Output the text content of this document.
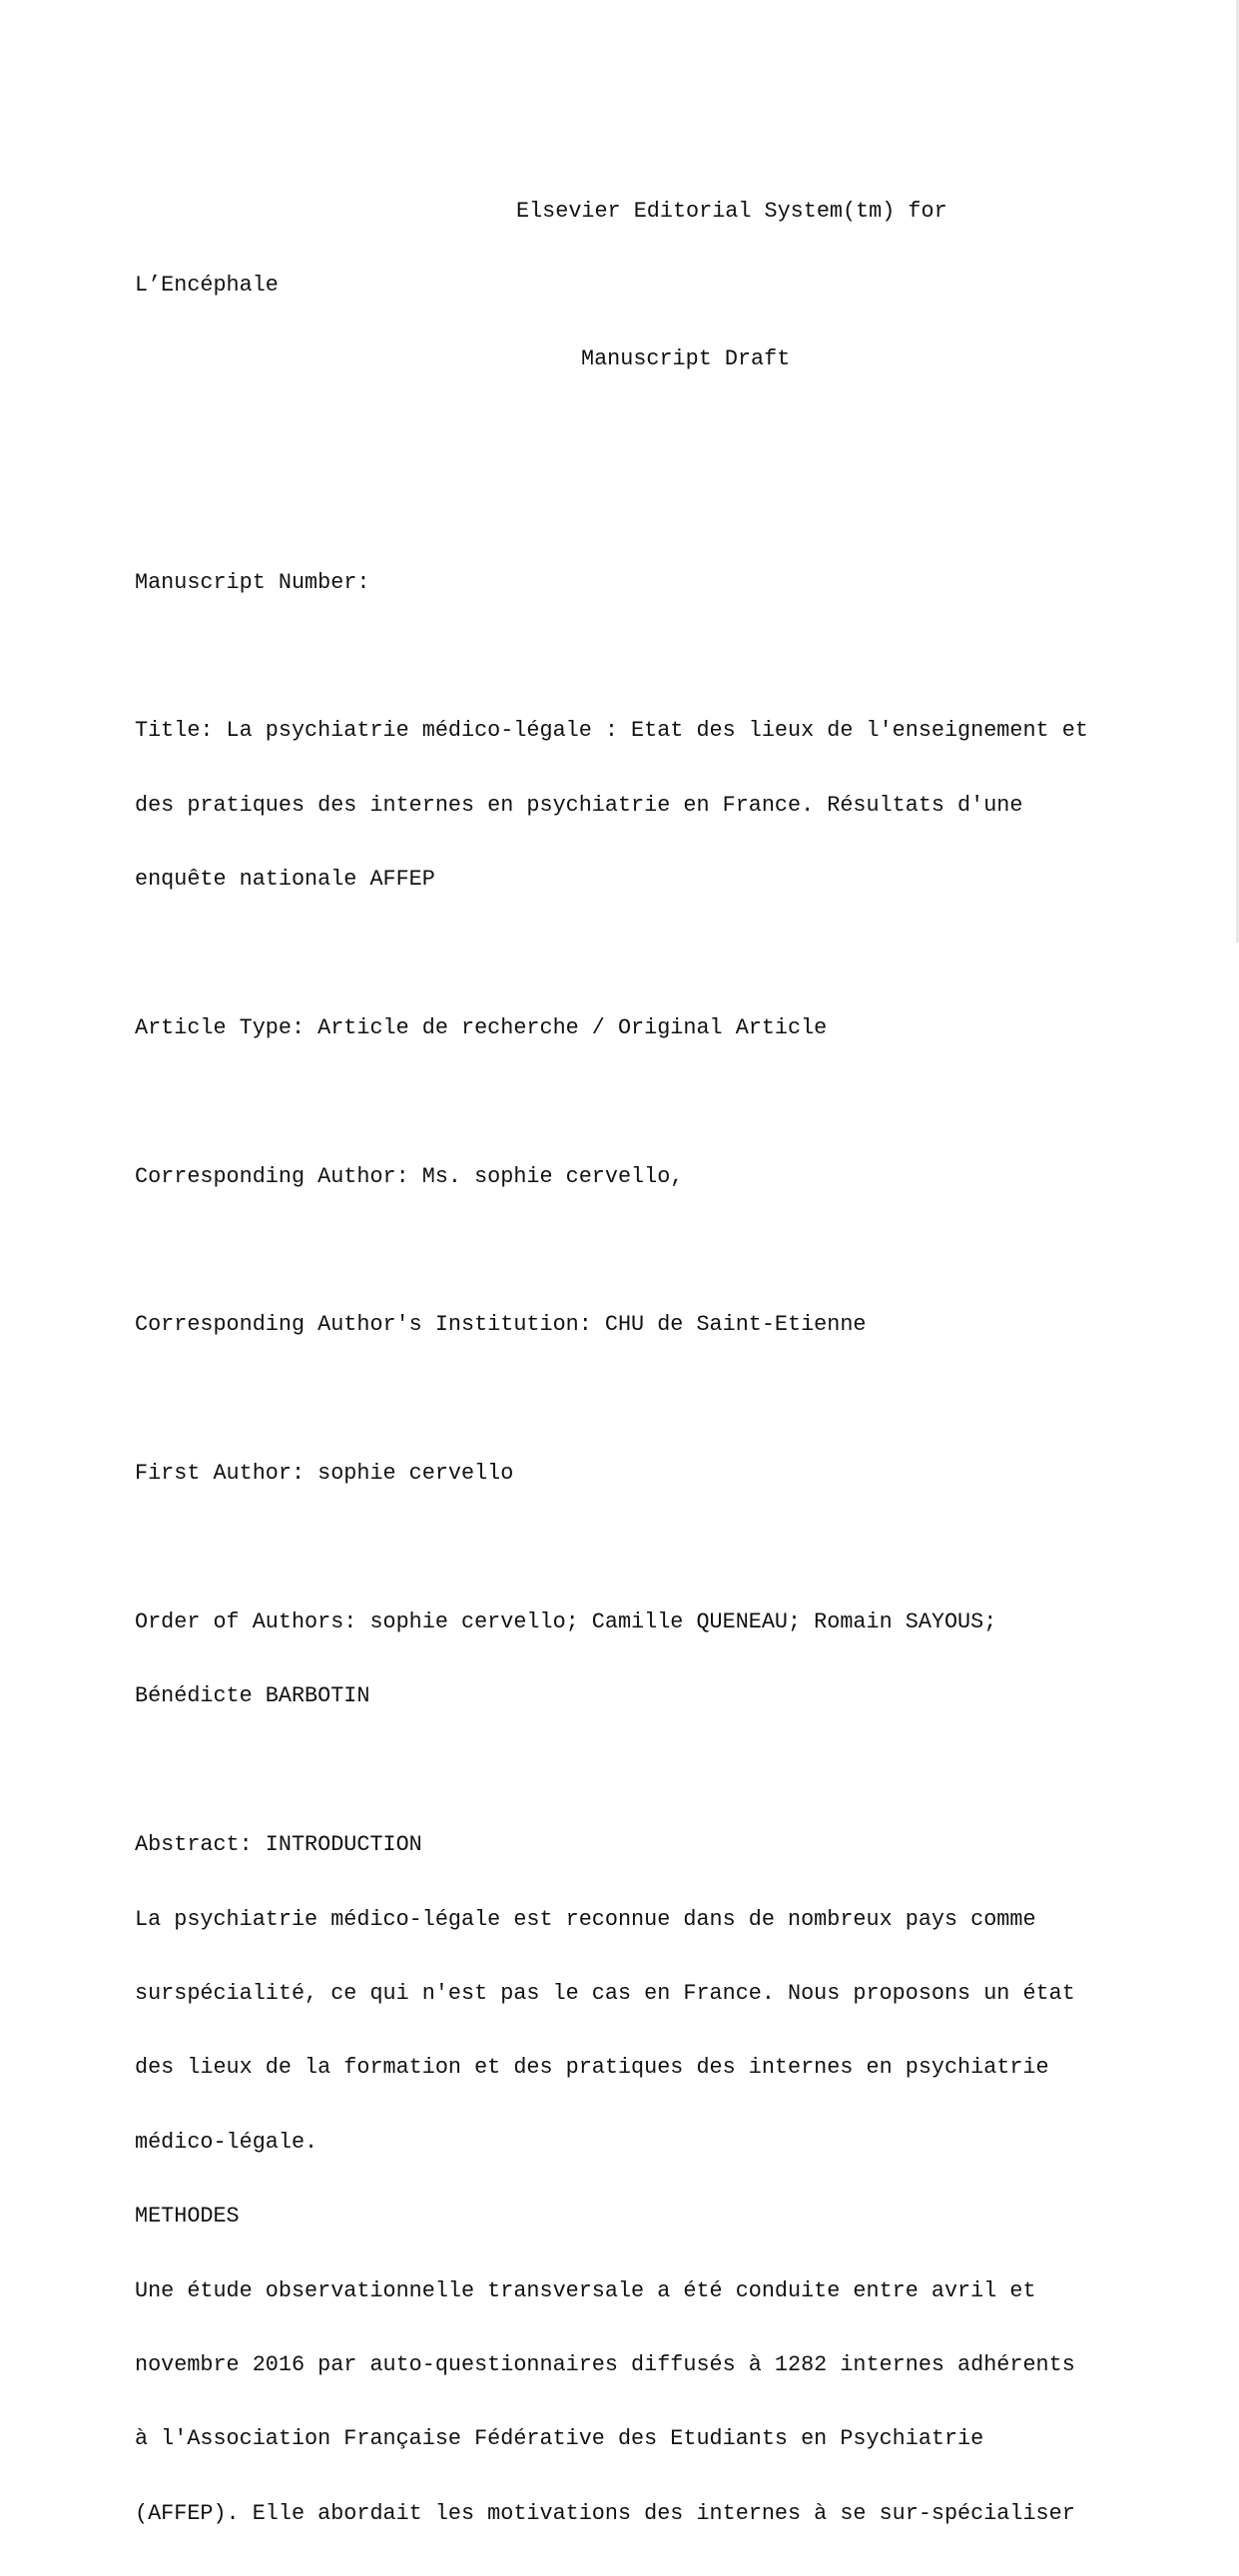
Elsevier Editorial System(tm) for

L’Encéphale

Manuscript Draft

Manuscript Number:

Title: La psychiatrie médico-légale : Etat des lieux de l'enseignement et

des pratiques des internes en psychiatrie en France. Résultats d'une

enquête nationale AFFEP

Article Type: Article de recherche / Original Article

Corresponding Author: Ms. sophie cervello,

Corresponding Author's Institution: CHU de Saint-Etienne

First Author: sophie cervello

Order of Authors: sophie cervello; Camille QUENEAU; Romain SAYOUS;

Bénédicte BARBOTIN

Abstract: INTRODUCTION

La psychiatrie médico-légale est reconnue dans de nombreux pays comme

surspécialité, ce qui n'est pas le cas en France. Nous proposons un état

des lieux de la formation et des pratiques des internes en psychiatrie

médico-légale.

METHODES

Une étude observationnelle transversale a été conduite entre avril et

novembre 2016 par auto-questionnaires diffusés à 1282 internes adhérents

à l'Association Française Fédérative des Etudiants en Psychiatrie

(AFFEP). Elle abordait les motivations des internes à se sur-spécialiser
